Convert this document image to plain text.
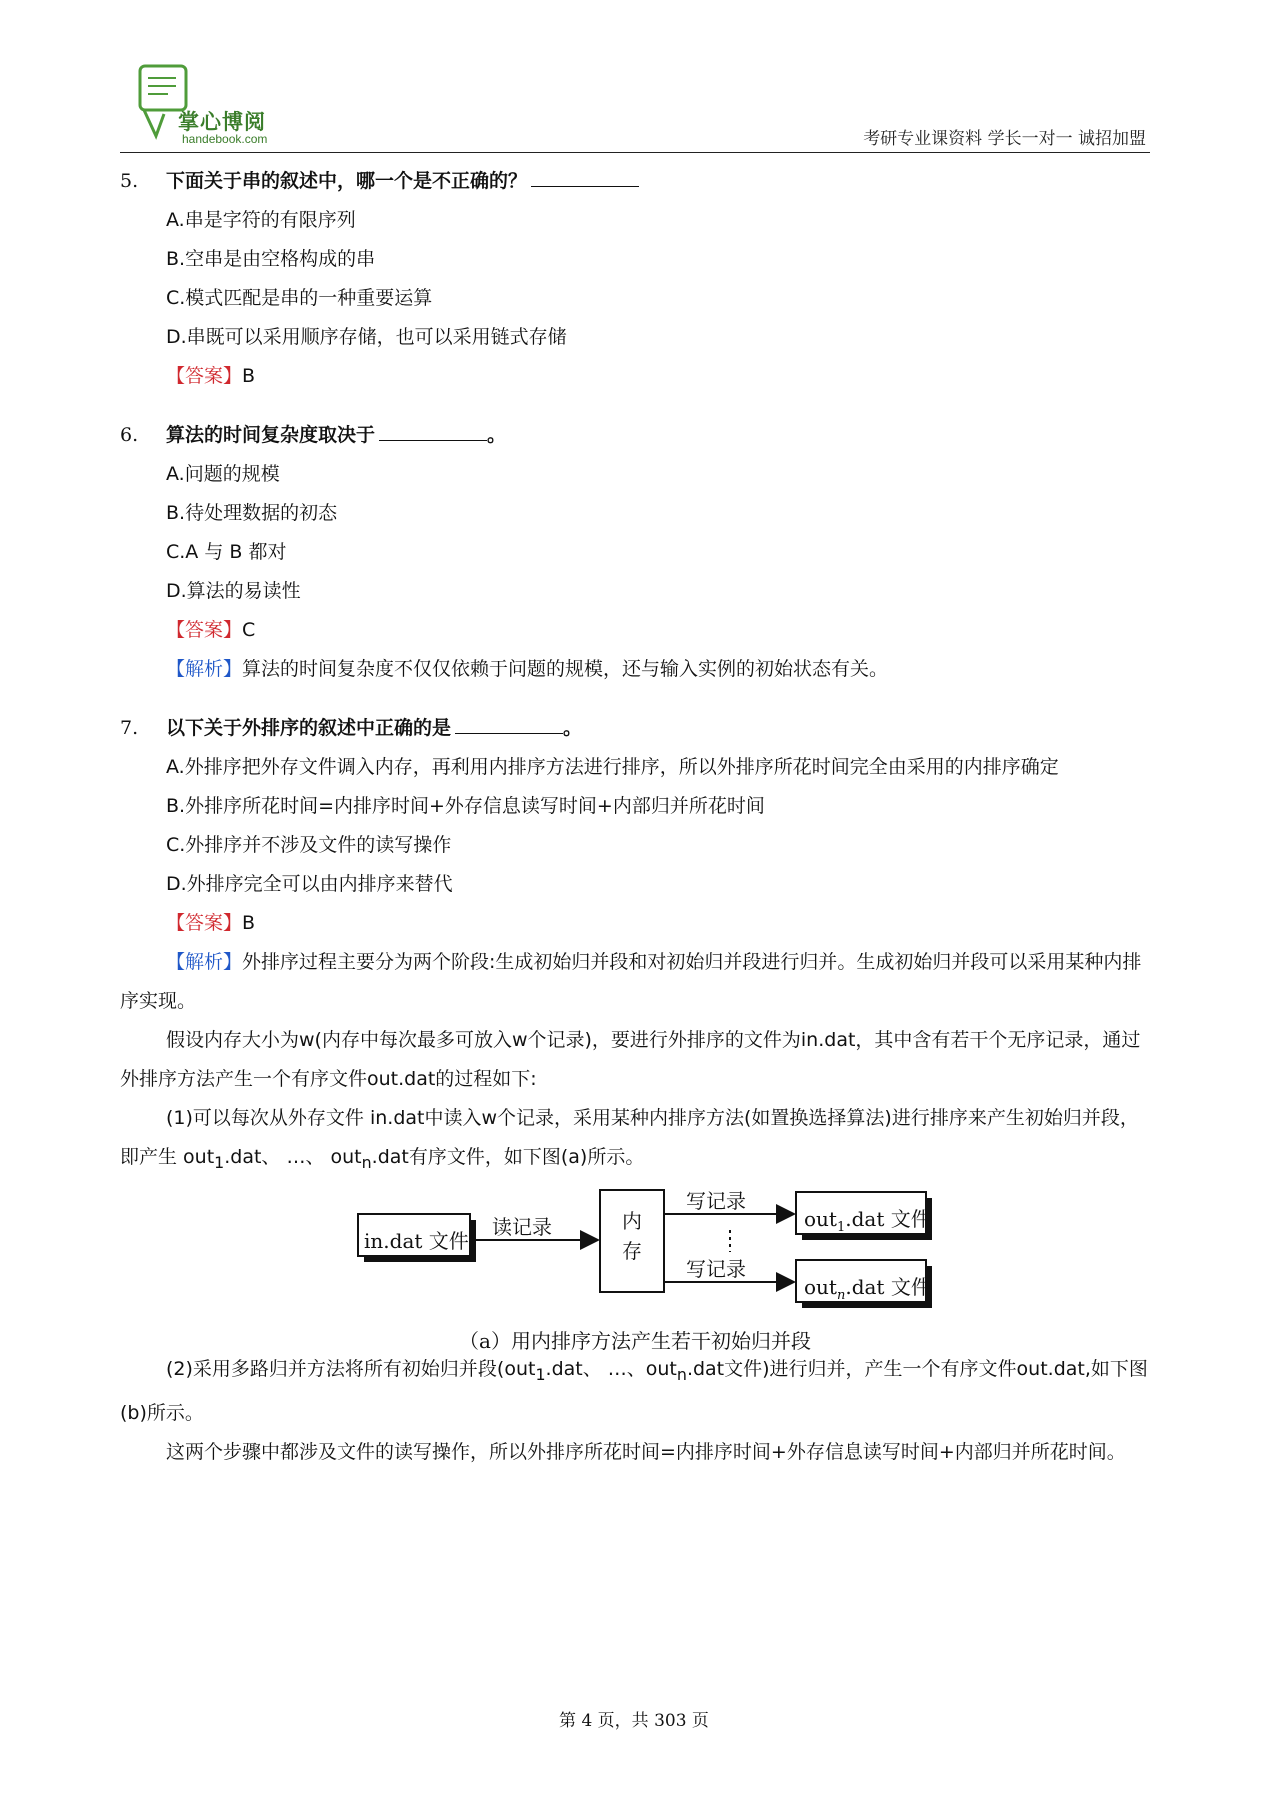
掌心博阅
handebook.com	考研专业课资料 学长一对一 诚招加盟
5. 下面关于串的叙述中，哪一个是不正确的？
A.串是字符的有限序列
B.空串是由空格构成的串
C.模式匹配是串的一种重要运算
D.串既可以采用顺序存储，也可以采用链式存储
【答案】B
6. 算法的时间复杂度取决于	。
A.问题的规模
B.待处理数据的初态
C.A 与 B 都对
D.算法的易读性
【答案】C
【解析】算法的时间复杂度不仅仅依赖于问题的规模，还与输入实例的初始状态有关。
7. 以下关于外排序的叙述中正确的是	。
A.外排序把外存文件调入内存，再利用内排序方法进行排序，所以外排序所花时间完全由采用的内排序确定
B.外排序所花时间=内排序时间+外存信息读写时间+内部归并所花时间
C.外排序并不涉及文件的读写操作
D.外排序完全可以由内排序来替代
【答案】B
【解析】外排序过程主要分为两个阶段:生成初始归并段和对初始归并段进行归并。生成初始归并段可以采用某种内排序实现。
假设内存大小为w(内存中每次最多可放入w个记录)，要进行外排序的文件为in.dat，其中含有若干个无序记录，通过外排序方法产生一个有序文件out.dat的过程如下:
(1)可以每次从外存文件 in.dat中读入w个记录，采用某种内排序方法(如置换选择算法)进行排序来产生初始归并段，即产生 out$_1$.dat、 …、 out$_n$.dat有序文件，如下图(a)所示。
in.dat 文件
读记录	内
存
写记录
写记录
out$_1$.dat 文件
out$_n$.dat 文件
（a）用内排序方法产生若干初始归并段
(2)采用多路归并方法将所有初始归并段(out$_1$.dat、 …、out$_n$.dat文件)进行归并，产生一个有序文件out.dat,如下图(b)所示。
这两个步骤中都涉及文件的读写操作，所以外排序所花时间=内排序时间+外存信息读写时间+内部归并所花时间。
第 4 页，共 303 页
